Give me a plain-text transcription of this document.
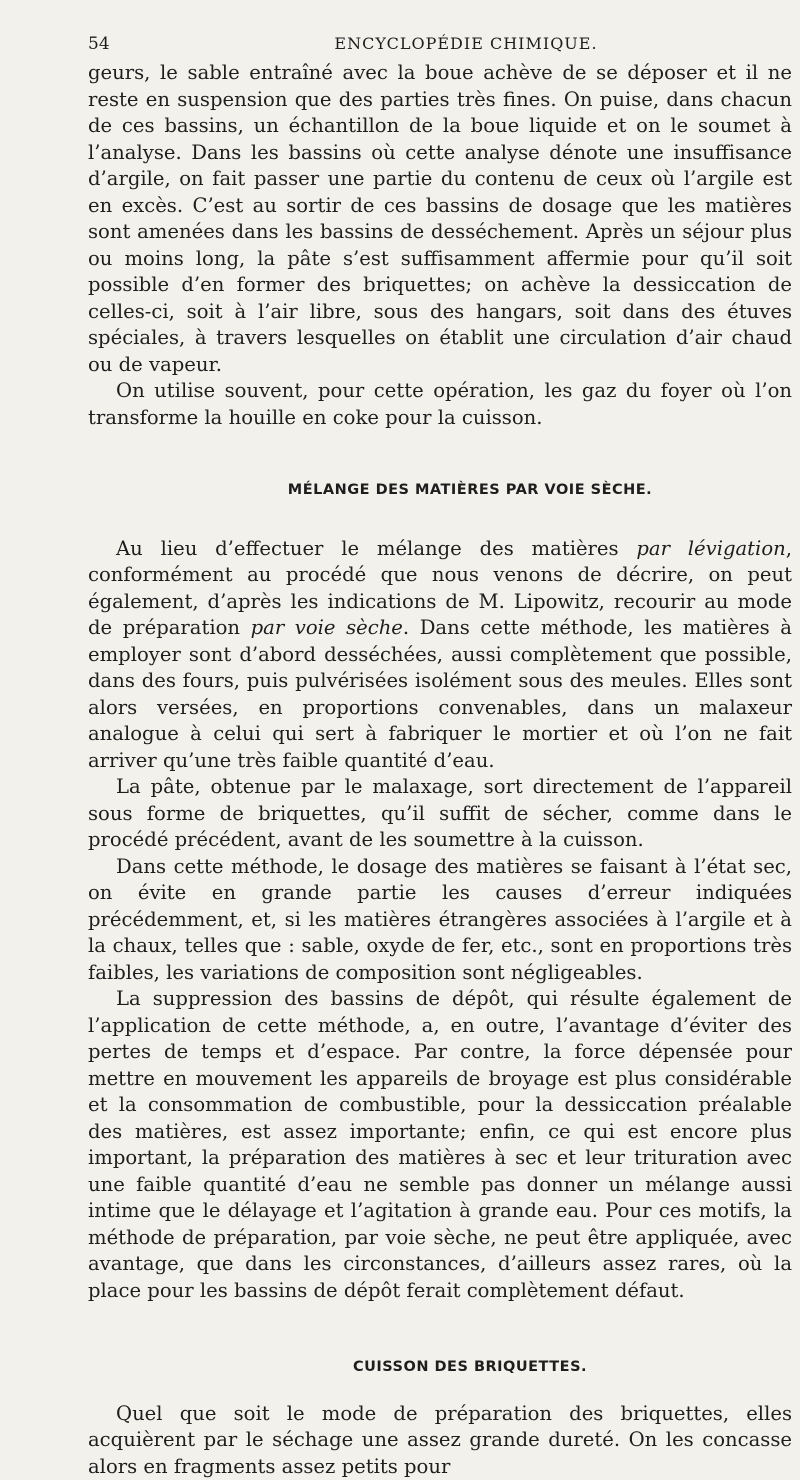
54	ENCYCLOPÉDIE CHIMIQUE.

geurs, le sable entraîné avec la boue achève de se déposer et il ne reste en suspension que des parties très fines. On puise, dans chacun de ces bassins, un échantillon de la boue liquide et on le soumet à l’analyse. Dans les bassins où cette analyse dénote une insuffisance d’argile, on fait passer une partie du contenu de ceux où l’argile est en excès. C’est au sortir de ces bassins de dosage que les matières sont amenées dans les bassins de desséchement. Après un séjour plus ou moins long, la pâte s’est suffisamment affermie pour qu’il soit possible d’en former des briquettes; on achève la dessiccation de celles-ci, soit à l’air libre, sous des hangars, soit dans des étuves spéciales, à travers lesquelles on établit une circulation d’air chaud ou de vapeur.

On utilise souvent, pour cette opération, les gaz du foyer où l’on transforme la houille en coke pour la cuisson.

MÉLANGE DES MATIÈRES PAR VOIE SÈCHE.

Au lieu d’effectuer le mélange des matières par lévigation, conformément au procédé que nous venons de décrire, on peut également, d’après les indications de M. Lipowitz, recourir au mode de préparation par voie sèche. Dans cette méthode, les matières à employer sont d’abord desséchées, aussi complètement que possible, dans des fours, puis pulvérisées isolément sous des meules. Elles sont alors versées, en proportions convenables, dans un malaxeur analogue à celui qui sert à fabriquer le mortier et où l’on ne fait arriver qu’une très faible quantité d’eau.

La pâte, obtenue par le malaxage, sort directement de l’appareil sous forme de briquettes, qu’il suffit de sécher, comme dans le procédé précédent, avant de les soumettre à la cuisson.

Dans cette méthode, le dosage des matières se faisant à l’état sec, on évite en grande partie les causes d’erreur indiquées précédemment, et, si les matières étrangères associées à l’argile et à la chaux, telles que : sable, oxyde de fer, etc., sont en proportions très faibles, les variations de composition sont négligeables.

La suppression des bassins de dépôt, qui résulte également de l’application de cette méthode, a, en outre, l’avantage d’éviter des pertes de temps et d’espace. Par contre, la force dépensée pour mettre en mouvement les appareils de broyage est plus considérable et la consommation de combustible, pour la dessiccation préalable des matières, est assez importante; enfin, ce qui est encore plus important, la préparation des matières à sec et leur trituration avec une faible quantité d’eau ne semble pas donner un mélange aussi intime que le délayage et l’agitation à grande eau. Pour ces motifs, la méthode de préparation, par voie sèche, ne peut être appliquée, avec avantage, que dans les circonstances, d’ailleurs assez rares, où la place pour les bassins de dépôt ferait complètement défaut.

CUISSON DES BRIQUETTES.

Quel que soit le mode de préparation des briquettes, elles acquièrent par le séchage une assez grande dureté. On les concasse alors en fragments assez petits pour
